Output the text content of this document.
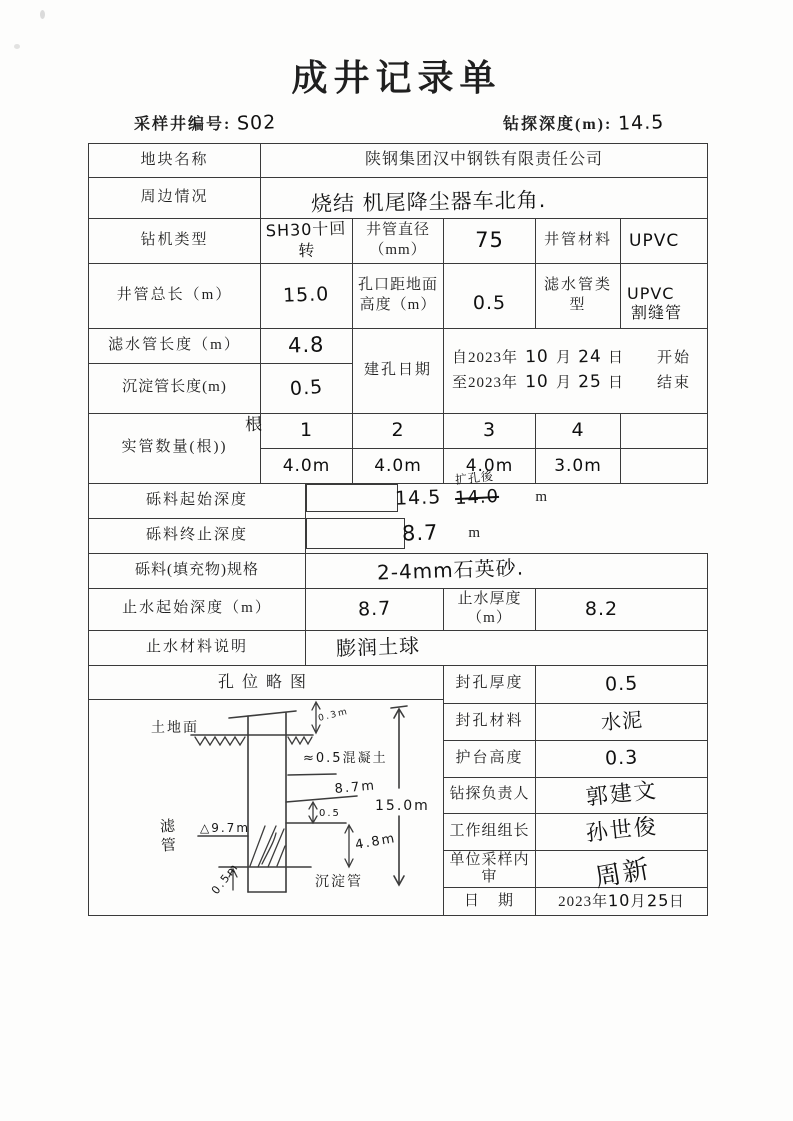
成井记录单
采样井编号: S02	钻探深度(m): 14.5
地块名称	陕钢集团汉中钢铁有限责任公司					
周边情况	烧结 机尾降尘器车北角.					
钻机类型	SH30十回转		井管直径（mm）	75	井管材料	UPVC
井管总长（m）	15.0		孔口距地面高度（m）	0.5	滤水管类型	UPVC
割缝管
滤水管长度（m）	4.8	建孔日期	
自2023年 10 月 24 日 开始
至2023年 10 月 25 日 结束

沉淀管长度(m)	0.5					
实管数量(根))	1		2	3	4	
	4.0m		4.0m	4.0m	3.0m	
砾料起始深度		14.5
扩孔後
14.0 m

砾料终止深度		8.7 m

砾料(填充物)规格		2-4mm石英砂.				
止水起始深度（m）		8.7		止水厚度（m）	8.2	
止水材料说明		膨润土球				

孔位略图
滤管
土地面
0.3m
≈0.5混凝土
8.7m
15.0m
0.5
△9.7m
4.8m
0.5m	沉淀管
	封孔厚度	0.5
				封孔材料	水泥	
				护台高度	0.3	
				钻探负责人	郭建文	
				工作组组长	孙世俊	
				单位采样内审	周新	
				日　期	2023年10月25日	
根
